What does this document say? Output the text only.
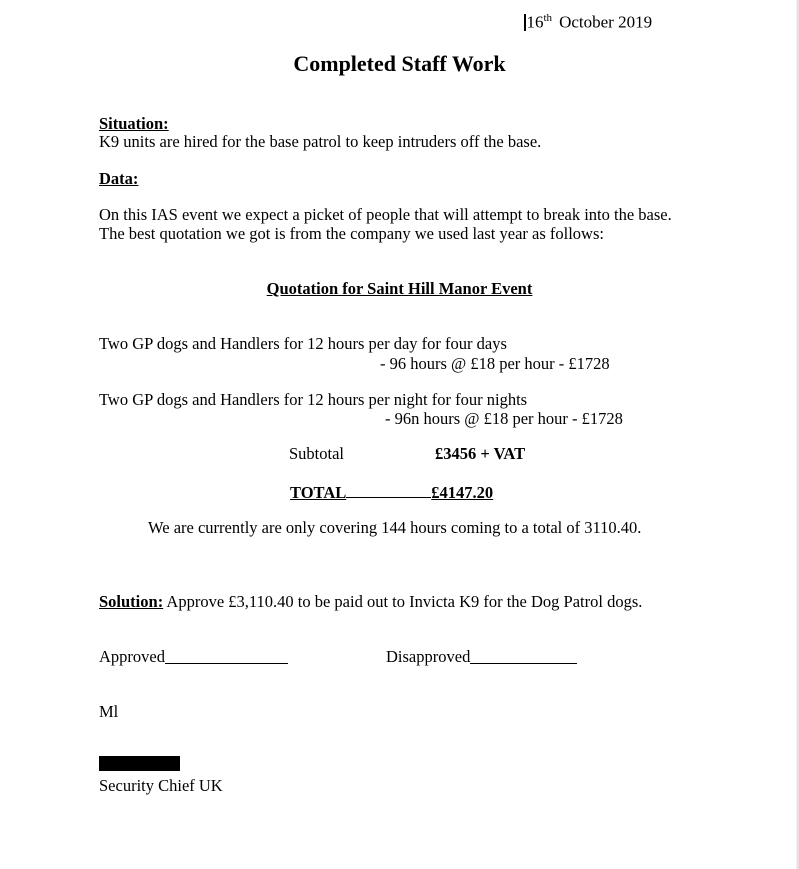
16th October 2019
Completed Staff Work
Situation:
K9 units are hired for the base patrol to keep intruders off the base.
Data:
On this IAS event we expect a picket of people that will attempt to break into the base.
The best quotation we got is from the company we used last year as follows:
Quotation for Saint Hill Manor Event
Two GP dogs and Handlers for 12 hours per day for four days
- 96 hours @ £18 per hour - £1728
Two GP dogs and Handlers for 12 hours per night for four nights
- 96n hours @ £18 per hour - £1728
Subtotal	£3456 + VAT
TOTAL	£4147.20
We are currently are only covering 144 hours coming to a total of 3110.40.
Solution: Approve £3,110.40 to be paid out to Invicta K9 for the Dog Patrol dogs.
Approved	Disapproved
Ml
Security Chief UK
